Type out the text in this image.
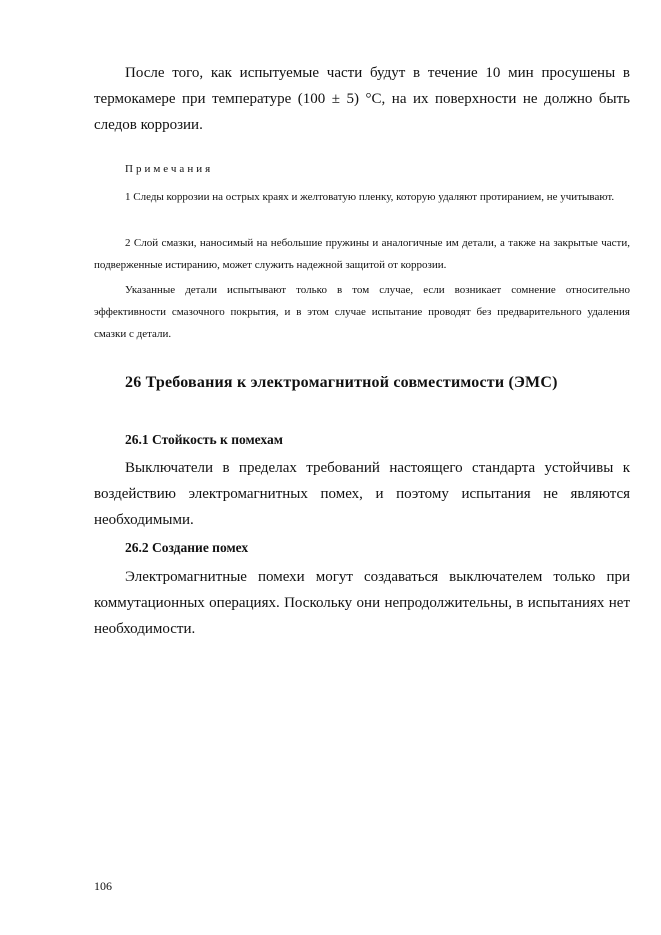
После того, как испытуемые части будут в течение 10 мин просушены в термокамере при температуре (100 ± 5) °С, на их поверхности не должно быть следов коррозии.

Примечания

1 Следы коррозии на острых краях и желтоватую пленку, которую удаляют протиранием, не учитывают.

2 Слой смазки, наносимый на небольшие пружины и аналогичные им детали, а также на закрытые части, подверженные истиранию, может служить надежной защитой от коррозии.

Указанные детали испытывают только в том случае, если возникает сомнение относительно эффективности смазочного покрытия, и в этом случае испытание проводят без предварительного удаления смазки с детали.

26 Требования к электромагнитной совместимости (ЭМС)
26.1 Стойкость к помехам

Выключатели в пределах требований настоящего стандарта устойчивы к воздействию электромагнитных помех, и поэтому испытания не являются необходимыми.

26.2 Создание помех

Электромагнитные помехи могут создаваться выключателем только при коммутационных операциях. Поскольку они непродолжительны, в испытаниях нет необходимости.

106
